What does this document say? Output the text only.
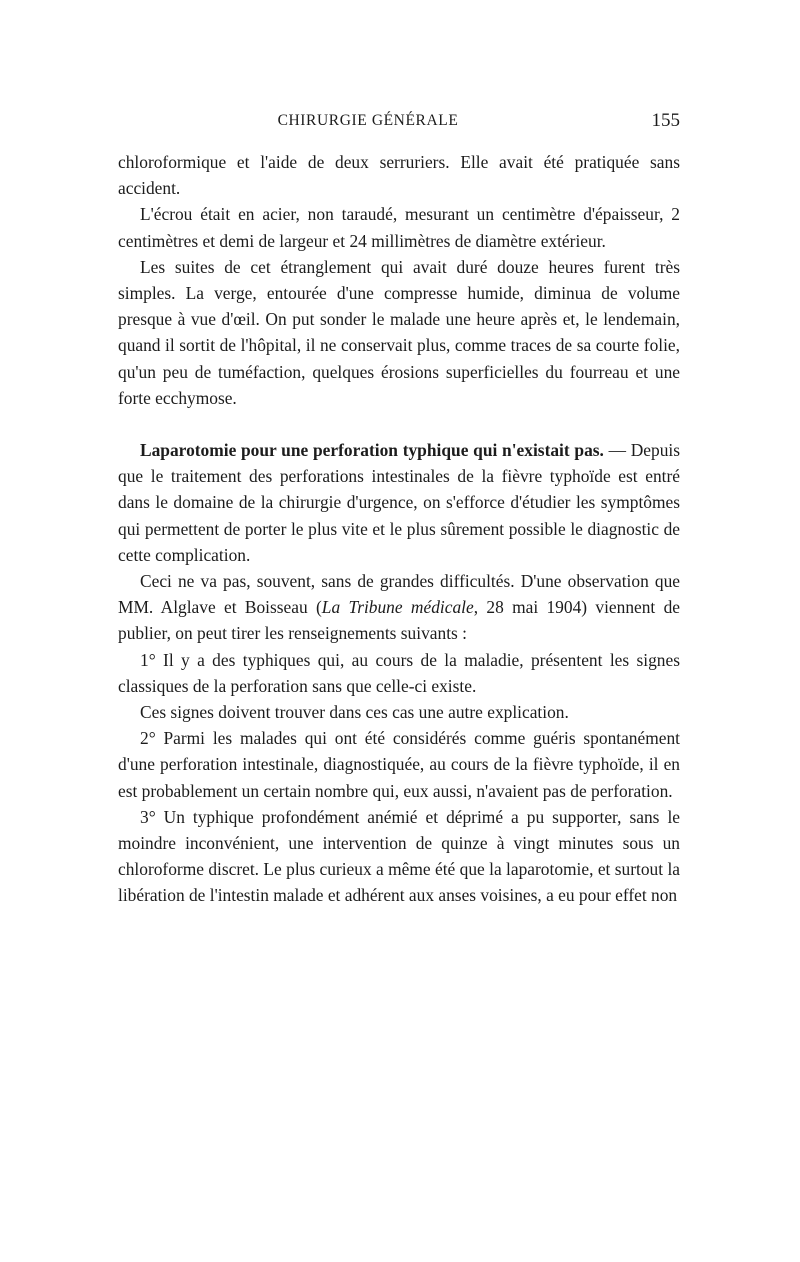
CHIRURGIE GÉNÉRALE	155

chloroformique et l'aide de deux serruriers. Elle avait été pratiquée sans accident.

L'écrou était en acier, non taraudé, mesurant un centimètre d'épaisseur, 2 centimètres et demi de largeur et 24 millimètres de diamètre extérieur.

Les suites de cet étranglement qui avait duré douze heures furent très simples. La verge, entourée d'une compresse humide, diminua de volume presque à vue d'œil. On put sonder le malade une heure après et, le lendemain, quand il sortit de l'hôpital, il ne conservait plus, comme traces de sa courte folie, qu'un peu de tuméfaction, quelques érosions superficielles du fourreau et une forte ecchymose.

Laparotomie pour une perforation typhique qui n'existait pas. — Depuis que le traitement des perforations intestinales de la fièvre typhoïde est entré dans le domaine de la chirurgie d'urgence, on s'efforce d'étudier les symptômes qui permettent de porter le plus vite et le plus sûrement possible le diagnostic de cette complication.

Ceci ne va pas, souvent, sans de grandes difficultés. D'une observation que MM. Alglave et Boisseau (La Tribune médicale, 28 mai 1904) viennent de publier, on peut tirer les renseignements suivants :

1° Il y a des typhiques qui, au cours de la maladie, présentent les signes classiques de la perforation sans que celle-ci existe.

Ces signes doivent trouver dans ces cas une autre explication.

2° Parmi les malades qui ont été considérés comme guéris spontanément d'une perforation intestinale, diagnostiquée, au cours de la fièvre typhoïde, il en est probablement un certain nombre qui, eux aussi, n'avaient pas de perforation.

3° Un typhique profondément anémié et déprimé a pu supporter, sans le moindre inconvénient, une intervention de quinze à vingt minutes sous un chloroforme discret. Le plus curieux a même été que la laparotomie, et surtout la libération de l'intestin malade et adhérent aux anses voisines, a eu pour effet non
